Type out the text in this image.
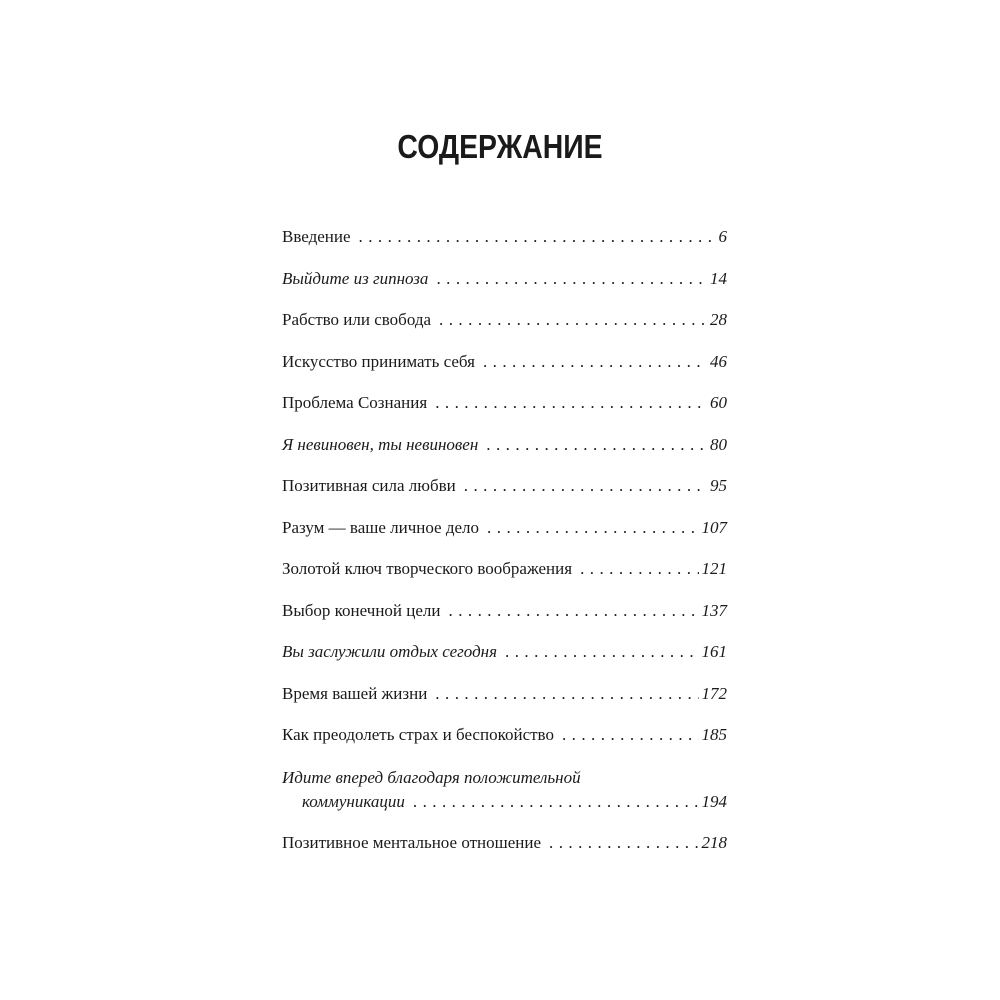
СОДЕРЖАНИЕ
Введение . . .	6
Выйдите из гипноза . . .	14
Рабство или свобода . . .	28
Искусство принимать себя . . .	46
Проблема Сознания . . .	60
Я невиновен, ты невиновен . . .	80
Позитивная сила любви . . .	95
Разум — ваше личное дело . . .	107
Золотой ключ творческого воображения . . .	121
Выбор конечной цели . . .	137
Вы заслужили отдых сегодня . . .	161
Время вашей жизни . . .	172
Как преодолеть страх и беспокойство . . .	185
Идите вперед благодаря положительной
коммуникации . . .	194
Позитивное ментальное отношение . . .	218
